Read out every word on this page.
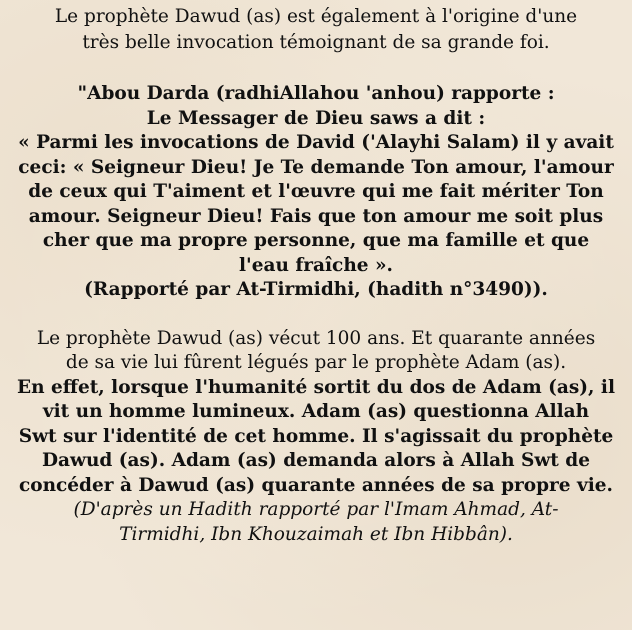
Le prophète Dawud (as) est également à l'origine d'une
très belle invocation témoignant de sa grande foi.

"Abou Darda (radhiAllahou 'anhou) rapporte :
Le Messager de Dieu saws a dit :
« Parmi les invocations de David ('Alayhi Salam) il y avait
ceci: « Seigneur Dieu! Je Te demande Ton amour, l'amour
de ceux qui T'aiment et l'œuvre qui me fait mériter Ton
amour. Seigneur Dieu! Fais que ton amour me soit plus
cher que ma propre personne, que ma famille et que
l'eau fraîche ».
(Rapporté par At-Tirmidhi, (hadith n°3490)).

Le prophète Dawud (as) vécut 100 ans. Et quarante années
de sa vie lui fûrent légués par le prophète Adam (as).

En effet, lorsque l'humanité sortit du dos de Adam (as), il
vit un homme lumineux. Adam (as) questionna Allah
Swt sur l'identité de cet homme. Il s'agissait du prophète
Dawud (as). Adam (as) demanda alors à Allah Swt de
concéder à Dawud (as) quarante années de sa propre vie.

(D'après un Hadith rapporté par l'Imam Ahmad, At-
Tirmidhi, Ibn Khouzaimah et Ibn Hibbân).
